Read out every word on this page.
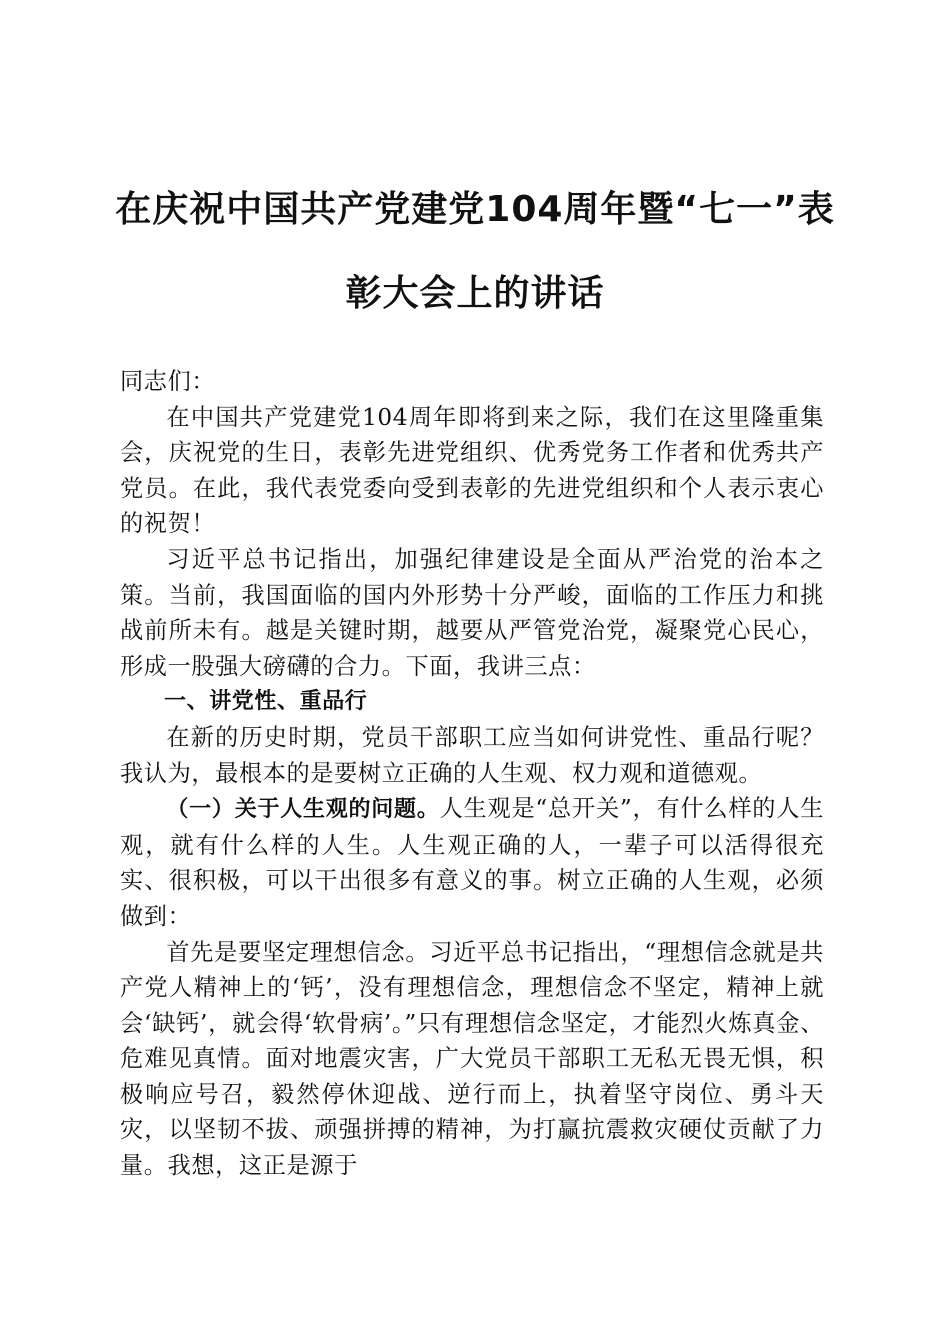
在庆祝中国共产党建党104周年暨“七一”表
彰大会上的讲话

同志们：

在中国共产党建党104周年即将到来之际，我们在这里隆重集会，庆祝党的生日，表彰先进党组织、优秀党务工作者和优秀共产党员。在此，我代表党委向受到表彰的先进党组织和个人表示衷心的祝贺！

习近平总书记指出，加强纪律建设是全面从严治党的治本之策。当前，我国面临的国内外形势十分严峻，面临的工作压力和挑战前所未有。越是关键时期，越要从严管党治党，凝聚党心民心，形成一股强大磅礴的合力。下面，我讲三点：

一、讲党性、重品行

在新的历史时期，党员干部职工应当如何讲党性、重品行呢？我认为，最根本的是要树立正确的人生观、权力观和道德观。

（一）关于人生观的问题。人生观是“总开关”，有什么样的人生观，就有什么样的人生。人生观正确的人，一辈子可以活得很充实、很积极，可以干出很多有意义的事。树立正确的人生观，必须做到：

首先是要坚定理想信念。习近平总书记指出，“理想信念就是共产党人精神上的‘钙’，没有理想信念，理想信念不坚定，精神上就会‘缺钙’，就会得‘软骨病’。”只有理想信念坚定，才能烈火炼真金、危难见真情。面对地震灾害，广大党员干部职工无私无畏无惧，积极响应号召，毅然停休迎战、逆行而上，执着坚守岗位、勇斗天灾，以坚韧不拔、顽强拼搏的精神，为打赢抗震救灾硬仗贡献了力量。我想，这正是源于
